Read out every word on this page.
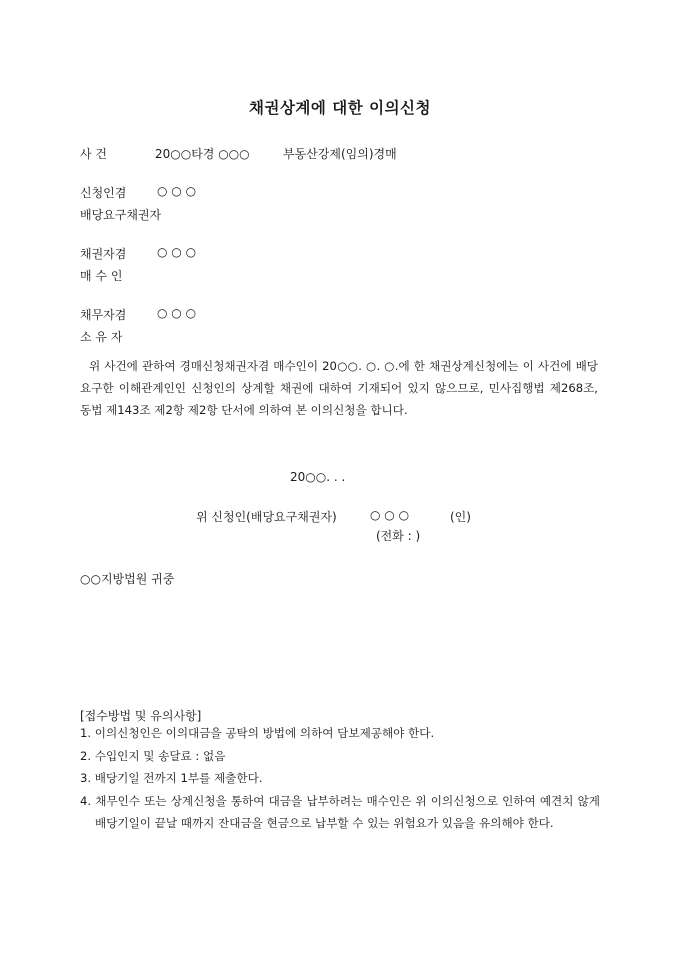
채권상계에 대한 이의신청
사 건	20○○타경 ○○○	부동산강제(임의)경매
신청인겸	○ ○ ○
배당요구채권자
채권자겸	○ ○ ○
매 수 인
채무자겸	○ ○ ○
소 유 자
위 사건에 관하여 경매신청채권자겸 매수인이 20○○. ○. ○.에 한 채권상계신청에는 이 사건에 배당요구한 이해관계인인 신청인의 상계할 채권에 대하여 기재되어 있지 않으므로, 민사집행법 제268조, 동법 제143조 제2항 제2항 단서에 의하여 본 이의신청을 합니다.
20○○. . .
위 신청인(배당요구채권자)	○ ○ ○	(인)
(전화 : )
○○지방법원 귀중
[접수방법 및 유의사항]
1. 이의신청인은 이의대금을 공탁의 방법에 의하여 담보제공해야 한다.
2. 수입인지 및 송달료 : 없음
3. 배당기일 전까지 1부를 제출한다.
4. 채무인수 또는 상계신청을 통하여 대금을 납부하려는 매수인은 위 이의신청으로 인하여 예견치 않게 배당기일이 끝날 때까지 잔대금을 현금으로 납부할 수 있는 위험요가 있음을 유의해야 한다.
